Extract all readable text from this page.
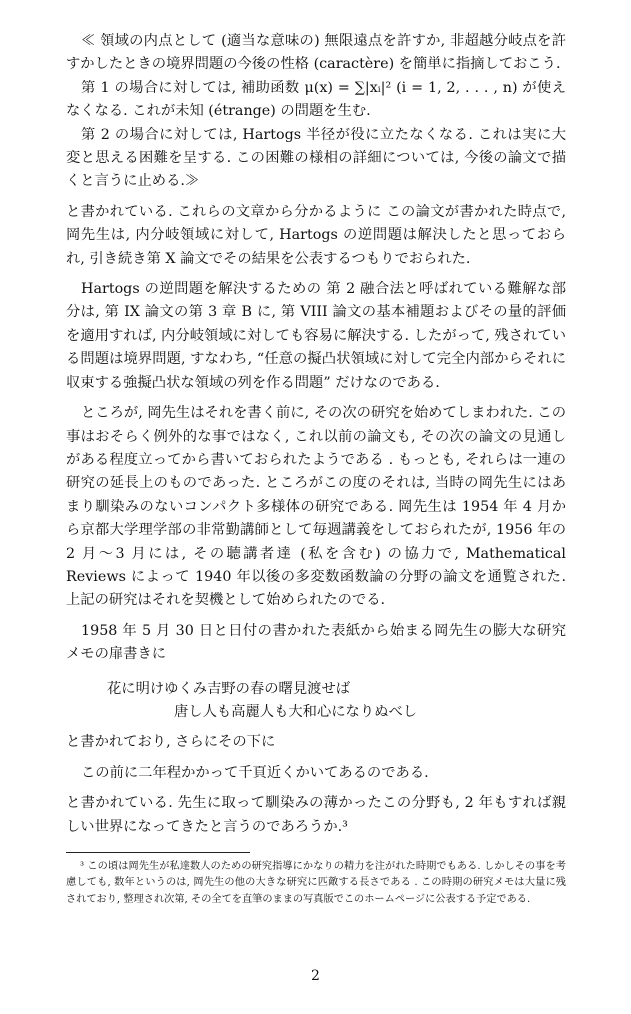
≪ 領域の内点として (適当な意味の) 無限遠点を許すか, 非超越分岐点を許すかしたときの境界問題の今後の性格 (caractère) を簡単に指摘しておこう.

第 1 の場合に対しては, 補助函数 μ(x) = ∑|xᵢ|² (i = 1, 2, . . . , n) が使えなくなる. これが未知 (étrange) の問題を生む.

第 2 の場合に対しては, Hartogs 半径が役に立たなくなる. これは実に大変と思える困難を呈する. この困難の様相の詳細については, 今後の論文で描くと言うに止める.≫

と書かれている. これらの文章から分かるように この論文が書かれた時点で, 岡先生は, 内分岐領域に対して, Hartogs の逆問題は解決したと思っておられ, 引き続き第 X 論文でその結果を公表するつもりでおられた.

Hartogs の逆問題を解決するための 第 2 融合法と呼ばれている難解な部分は, 第 IX 論文の第 3 章 B に, 第 VIII 論文の基本補題およびその量的評価を適用すれば, 内分岐領域に対しても容易に解決する. したがって, 残されている問題は境界問題, すなわち, “任意の擬凸状領域に対して完全内部からそれに収束する強擬凸状な領域の列を作る問題” だけなのである.

ところが, 岡先生はそれを書く前に, その次の研究を始めてしまわれた. この事はおそらく例外的な事ではなく, これ以前の論文も, その次の論文の見通しがある程度立ってから書いておられたようである . もっとも, それらは一連の研究の延長上のものであった. ところがこの度のそれは, 当時の岡先生にはあまり馴染みのないコンパクト多様体の研究である. 岡先生は 1954 年 4 月から京都大学理学部の非常勤講師として毎週講義をしておられたが, 1956 年の 2 月〜3 月には, その聴講者達 (私を含む) の協力で, Mathematical Reviews によって 1940 年以後の多変数函数論の分野の論文を通覧された. 上記の研究はそれを契機として始められたのでる.

1958 年 5 月 30 日と日付の書かれた表紙から始まる岡先生の膨大な研究メモの扉書きに

花に明けゆくみ吉野の春の曙見渡せば
唐し人も高麗人も大和心になりぬべし

と書かれており, さらにその下に

この前に二年程かかって千頁近くかいてあるのである.

と書かれている. 先生に取って馴染みの薄かったこの分野も, 2 年もすれば親しい世界になってきたと言うのであろうか.³

³ この頃は岡先生が私達数人のための研究指導にかなりの精力を注がれた時期でもある. しかしその事を考慮しても, 数年というのは, 岡先生の他の大きな研究に匹敵する長さである . この時期の研究メモは大量に残されており, 整理され次第, その全てを直筆のままの写真版でこのホームページに公表する予定である.

2
